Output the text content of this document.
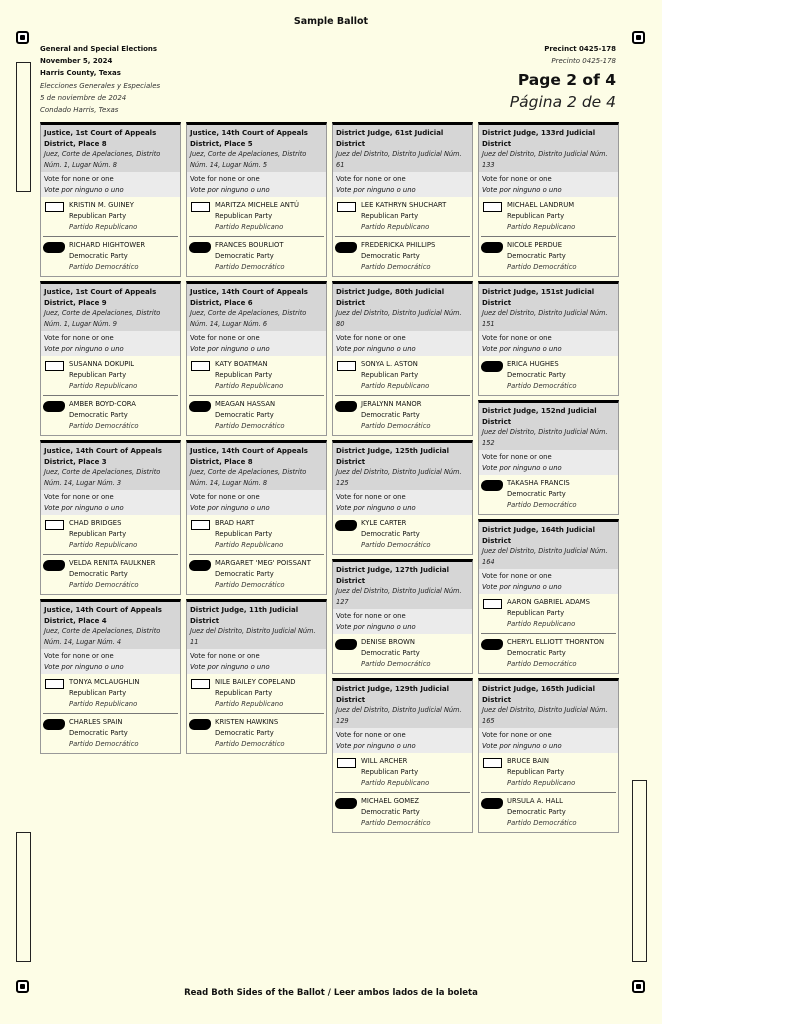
Sample Ballot
General and Special Elections
November 5, 2024
Harris County, Texas
Elecciones Generales y Especiales
5 de noviembre de 2024
Condado Harris, Texas
Precinct 0425-178
Precinto 0425-178
Page 2 of 4
Página 2 de 4
Justice, 1st Court of Appeals District, Place 8
Juez, Corte de Apelaciones, Distrito Núm. 1, Lugar Núm. 8
Vote for none or one
Vote por ninguno o uno
KRISTIN M. GUINEY
Republican Party
Partido Republicano
RICHARD HIGHTOWER
Democratic Party
Partido Democrático
Justice, 1st Court of Appeals District, Place 9
Juez, Corte de Apelaciones, Distrito Núm. 1, Lugar Núm. 9
Vote for none or one
Vote por ninguno o uno
SUSANNA DOKUPIL
Republican Party
Partido Republicano
AMBER BOYD-CORA
Democratic Party
Partido Democrático
Justice, 14th Court of Appeals District, Place 3
Juez, Corte de Apelaciones, Distrito Núm. 14, Lugar Núm. 3
Vote for none or one
Vote por ninguno o uno
CHAD BRIDGES
Republican Party
Partido Republicano
VELDA RENITA FAULKNER
Democratic Party
Partido Democrático
Justice, 14th Court of Appeals District, Place 4
Juez, Corte de Apelaciones, Distrito Núm. 14, Lugar Núm. 4
Vote for none or one
Vote por ninguno o uno
TONYA MCLAUGHLIN
Republican Party
Partido Republicano
CHARLES SPAIN
Democratic Party
Partido Democrático
Justice, 14th Court of Appeals District, Place 5
Juez, Corte de Apelaciones, Distrito Núm. 14, Lugar Núm. 5
Vote for none or one
Vote por ninguno o uno
MARITZA MICHELE ANTÚ
Republican Party
Partido Republicano
FRANCES BOURLIOT
Democratic Party
Partido Democrático
Justice, 14th Court of Appeals District, Place 6
Juez, Corte de Apelaciones, Distrito Núm. 14, Lugar Núm. 6
Vote for none or one
Vote por ninguno o uno
KATY BOATMAN
Republican Party
Partido Republicano
MEAGAN HASSAN
Democratic Party
Partido Democrático
Justice, 14th Court of Appeals District, Place 8
Juez, Corte de Apelaciones, Distrito Núm. 14, Lugar Núm. 8
Vote for none or one
Vote por ninguno o uno
BRAD HART
Republican Party
Partido Republicano
MARGARET 'MEG' POISSANT
Democratic Party
Partido Democrático
District Judge, 11th Judicial District
Juez del Distrito, Distrito Judicial Núm. 11
Vote for none or one
Vote por ninguno o uno
NILE BAILEY COPELAND
Republican Party
Partido Republicano
KRISTEN HAWKINS
Democratic Party
Partido Democrático
District Judge, 61st Judicial District
Juez del Distrito, Distrito Judicial Núm. 61
Vote for none or one
Vote por ninguno o uno
LEE KATHRYN SHUCHART
Republican Party
Partido Republicano
FREDERICKA PHILLIPS
Democratic Party
Partido Democrático
District Judge, 80th Judicial District
Juez del Distrito, Distrito Judicial Núm. 80
Vote for none or one
Vote por ninguno o uno
SONYA L. ASTON
Republican Party
Partido Republicano
JERALYNN MANOR
Democratic Party
Partido Democrático
District Judge, 125th Judicial District
Juez del Distrito, Distrito Judicial Núm. 125
Vote for none or one
Vote por ninguno o uno
KYLE CARTER
Democratic Party
Partido Democrático
District Judge, 127th Judicial District
Juez del Distrito, Distrito Judicial Núm. 127
Vote for none or one
Vote por ninguno o uno
DENISE BROWN
Democratic Party
Partido Democrático
District Judge, 129th Judicial District
Juez del Distrito, Distrito Judicial Núm. 129
Vote for none or one
Vote por ninguno o uno
WILL ARCHER
Republican Party
Partido Republicano
MICHAEL GOMEZ
Democratic Party
Partido Democrático
District Judge, 133rd Judicial District
Juez del Distrito, Distrito Judicial Núm. 133
Vote for none or one
Vote por ninguno o uno
MICHAEL LANDRUM
Republican Party
Partido Republicano
NICOLE PERDUE
Democratic Party
Partido Democrático
District Judge, 151st Judicial District
Juez del Distrito, Distrito Judicial Núm. 151
Vote for none or one
Vote por ninguno o uno
ERICA HUGHES
Democratic Party
Partido Democrático
District Judge, 152nd Judicial District
Juez del Distrito, Distrito Judicial Núm. 152
Vote for none or one
Vote por ninguno o uno
TAKASHA FRANCIS
Democratic Party
Partido Democrático
District Judge, 164th Judicial District
Juez del Distrito, Distrito Judicial Núm. 164
Vote for none or one
Vote por ninguno o uno
AARON GABRIEL ADAMS
Republican Party
Partido Republicano
CHERYL ELLIOTT THORNTON
Democratic Party
Partido Democrático
District Judge, 165th Judicial District
Juez del Distrito, Distrito Judicial Núm. 165
Vote for none or one
Vote por ninguno o uno
BRUCE BAIN
Republican Party
Partido Republicano
URSULA A. HALL
Democratic Party
Partido Democrático
Read Both Sides of the Ballot / Leer ambos lados de la boleta
